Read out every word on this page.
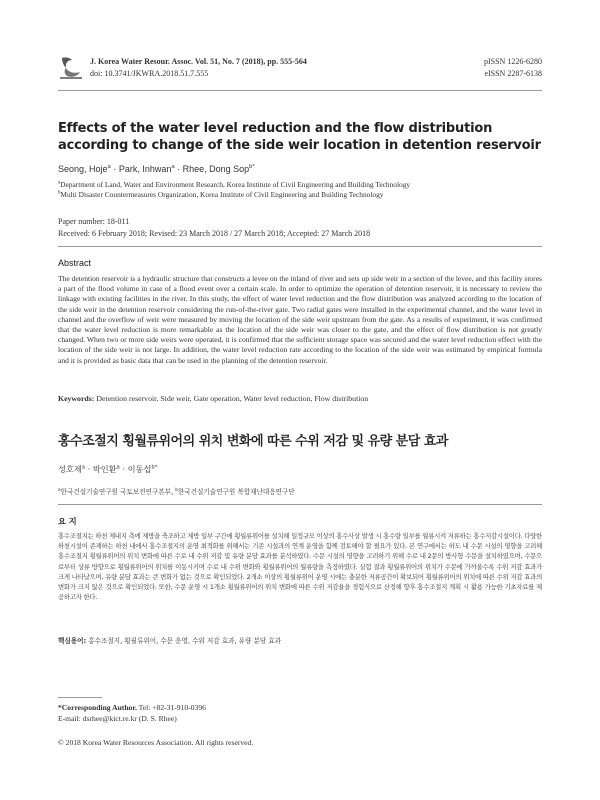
J. Korea Water Resour. Assoc. Vol. 51, No. 7 (2018), pp. 555-564
doi: 10.3741/JKWRA.2018.51.7.555
pISSN 1226-6280
eISSN 2287-6138
Effects of the water level reduction and the flow distribution according to change of the side weir location in detention reservoir
Seong, Hoje$^a$ · Park, Inhwan$^a$ · Rhee, Dong Sop$^{b*}$
$^a$Department of Land, Water and Environment Research, Korea Institute of Civil Engineering and Building Technology
$^b$Multi Disaster Countermeasures Organization, Korea Institute of Civil Engineering and Building Technology
Paper number: 18-011
Received: 6 February 2018; Revised: 23 March 2018 / 27 March 2018; Accepted: 27 March 2018
Abstract
The detention reservoir is a hydraulic structure that constructs a levee on the inland of river and sets up side weir in a section of the levee, and this facility stores a part of the flood volume in case of a flood event over a certain scale. In order to optimize the operation of detention reservoir, it is necessary to review the linkage with existing facilities in the river. In this study, the effect of water level reduction and the flow distribution was analyzed according to the location of the side weir in the detention reservoir considering the run-of-the-river gate. Two radial gates were installed in the experimental channel, and the water level in channel and the overflow of weir were measured by moving the location of the side weir upstream from the gate. As a results of experiment, it was confirmed that the water level reduction is more remarkable as the location of the side weir was closer to the gate, and the effect of flow distribution is not greatly changed. When two or more side weirs were operated, it is confirmed that the sufficient storage space was secured and the water level reduction effect with the location of the side weir is not large. In addition, the water level reduction rate according to the location of the side weir was estimated by empirical formula and it is provided as basic data that can be used in the planning of the detention reservoir.
Keywords: Detention reservoir, Side weir, Gate operation, Water level reduction, Flow distribution
홍수조절지 횡월류위어의 위치 변화에 따른 수위 저감 및 유량 분담 효과
성호제$^a$ · 박인환$^a$ · 이동섭$^{b*}$
$^a$한국건설기술연구원 국토보전연구본부, $^b$한국건설기술연구원 복합재난대응연구단
요 지
홍수조절지는 하천 제내지 측에 제방을 축조하고 제방 일부 구간에 횡월류위어를 설치해 일정규모 이상의 홍수사상 발생 시 홍수량 일부를 월류시켜 저류하는 홍수저감시설이다. 다양한 하천시설이 존재하는 하천 내에서 홍수조절지의 운영 최적화를 위해서는 기존 시설과의 연계 운영을 함께 검토해야 할 필요가 있다. 본 연구에서는 하도 내 수문 시설의 영향을 고려해 홍수조절지 횡월류위어의 위치 변화에 따른 수로 내 수위 저감 및 유량 분담 효과를 분석하였다. 수문 시설의 영향을 고려하기 위해 수로 내 2문의 방사형 수문을 설치하였으며, 수문으로부터 상류 방향으로 횡월류위어의 위치를 이동시키며 수로 내 수위 변화와 횡월류위어의 월류량을 측정하였다. 실험 결과 횡월류위어의 위치가 수문에 가까울수록 수위 저감 효과가 크게 나타났으며, 유량 분담 효과는 큰 변화가 없는 것으로 확인되었다. 2개소 이상의 횡월류위어 운영 시에는 충분한 저류공간이 확보되어 횡월류위어의 위치에 따른 수위 저감 효과의 변화가 크지 않은 것으로 확인되었다. 또한, 수문 운영 시 1개소 횡월류위어의 위치 변화에 따른 수위 저감율을 경험식으로 산정해 향후 홍수조절지 계획 시 활용 가능한 기초자료를 제공하고자 한다.
핵심용어: 홍수조절지, 횡월류위어, 수문 운영, 수위 저감 효과, 유량 분담 효과
*Corresponding Author. Tel: +82-31-910-0396
E-mail: dsrhee@kict.re.kr (D. S. Rhee)
© 2018 Korea Water Resources Association. All rights reserved.
